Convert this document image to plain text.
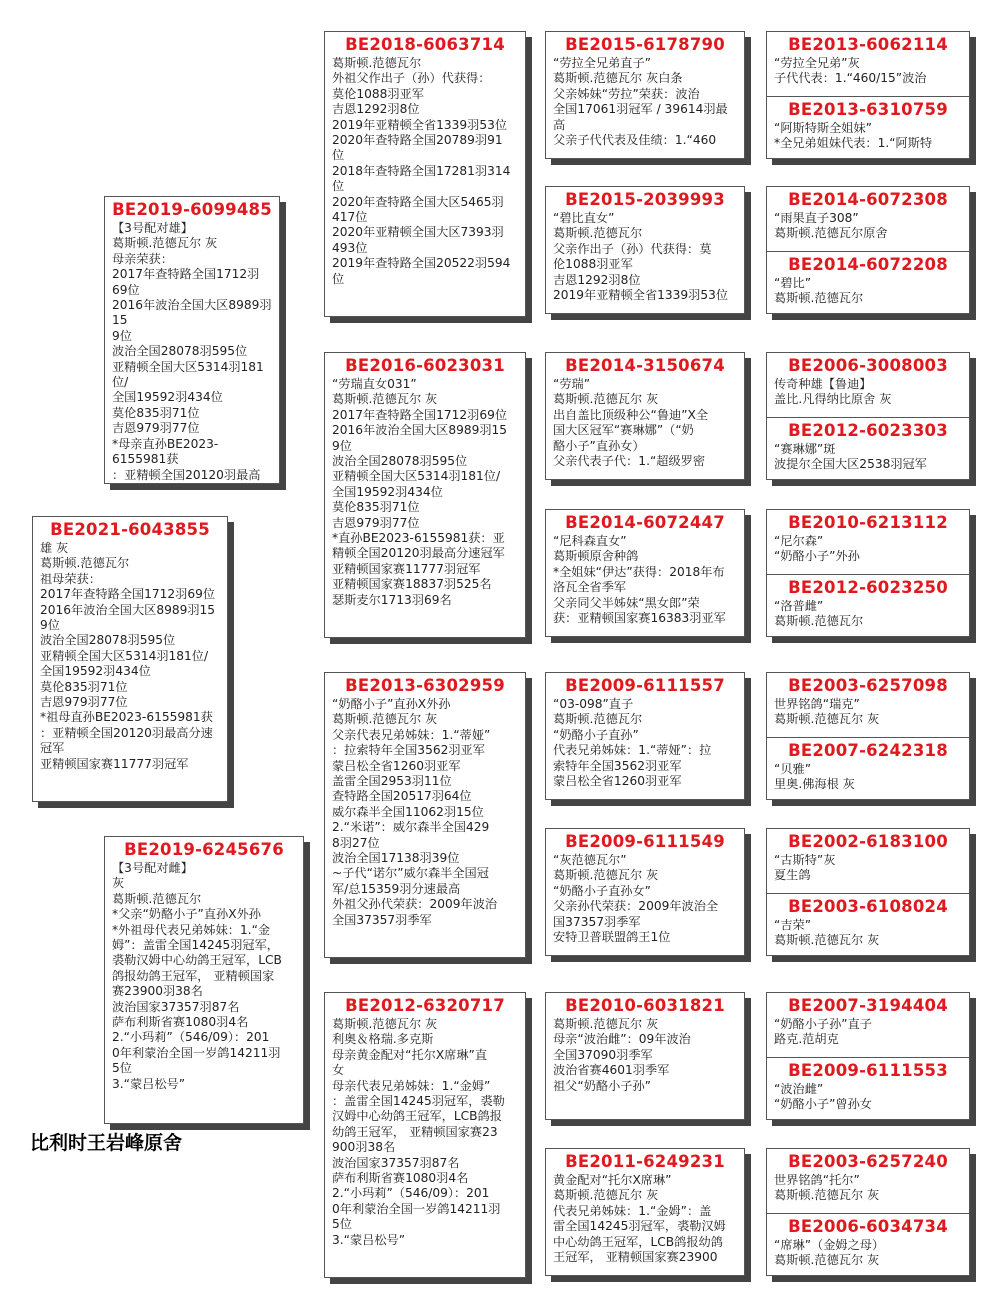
BE2021-6043855
雄 灰
葛斯顿.范德瓦尔
祖母荣获：
2017年查特路全国1712羽69位
2016年波治全国大区8989羽15
9位
波治全国28078羽595位
亚精顿全国大区5314羽181位/
全国19592羽434位
莫伦835羽71位
吉恩979羽77位
*祖母直孙BE2023-6155981获
：亚精顿全国20120羽最高分速
冠军
亚精顿国家赛11777羽冠军
BE2019-6099485
【3号配对雄】
葛斯顿.范德瓦尔 灰
母亲荣获：
2017年查特路全国1712羽69位
2016年波治全国大区8989羽15
9位
波治全国28078羽595位
亚精顿全国大区5314羽181位/
全国19592羽434位
莫伦835羽71位
吉恩979羽77位
*母亲直孙BE2023-6155981获
：亚精顿全国20120羽最高

BE2019-6245676
【3号配对雌】
灰
葛斯顿.范德瓦尔
*父亲“奶酪小子”直孙X外孙
*外祖母代表兄弟姊妹：1.“金
姆”：盖雷全国14245羽冠军，
裘勒汉姆中心幼鸽王冠军，LCB
鸽报幼鸽王冠军， 亚精顿国家
赛23900羽38名
波治国家37357羽87名
萨布利斯省赛1080羽4名
2.“小玛莉”（546/09）：201
0年利蒙治全国一岁鸽14211羽
5位
3.“蒙吕松号”
BE2018-6063714
葛斯顿.范德瓦尔
外祖父作出子（孙）代获得：
莫伦1088羽亚军
吉恩1292羽8位
2019年亚精顿全省1339羽53位
2020年查特路全国20789羽91
位
2018年查特路全国17281羽314
位
2020年查特路全国大区5465羽
417位
2020年亚精顿全国大区7393羽
493位
2019年查特路全国20522羽594
位
BE2016-6023031
“劳瑞直女031”
葛斯顿.范德瓦尔 灰
2017年查特路全国1712羽69位
2016年波治全国大区8989羽15
9位
波治全国28078羽595位
亚精顿全国大区5314羽181位/
全国19592羽434位
莫伦835羽71位
吉恩979羽77位
*直孙BE2023-6155981获：亚
精顿全国20120羽最高分速冠军
亚精顿国家赛11777羽冠军
亚精顿国家赛18837羽525名
瑟斯麦尔1713羽69名
BE2013-6302959
“奶酪小子”直孙X外孙
葛斯顿.范德瓦尔 灰
父亲代表兄弟姊妹：1.“蒂娅”
：拉索特年全国3562羽亚军
蒙吕松全省1260羽亚军
盖雷全国2953羽11位
查特路全国20517羽64位
威尔森半全国11062羽15位
2.“米诺”：威尔森半全国429
8羽27位
波治全国17138羽39位
~子代“诺尔”威尔森半全国冠
军/总15359羽分速最高
外祖父孙代荣获：2009年波治
全国37357羽季军
BE2012-6320717
葛斯顿.范德瓦尔 灰
利奥＆格瑞.多克斯
母亲黄金配对“托尔X席琳”直
女
母亲代表兄弟姊妹：1.“金姆”
：盖雷全国14245羽冠军，裘勒
汉姆中心幼鸽王冠军，LCB鸽报
幼鸽王冠军， 亚精顿国家赛23
900羽38名
波治国家37357羽87名
萨布利斯省赛1080羽4名
2.“小玛莉”（546/09）：201
0年利蒙治全国一岁鸽14211羽
5位
3.“蒙吕松号”
BE2015-6178790
“劳拉全兄弟直子”
葛斯顿.范德瓦尔 灰白条
父亲姊妹“劳拉”荣获：波治
全国17061羽冠军 / 39614羽最
高
父亲子代代表及佳绩：1.“460
BE2015-2039993
“碧比直女”
葛斯顿.范德瓦尔
父亲作出子（孙）代获得：莫
伦1088羽亚军
吉恩1292羽8位
2019年亚精顿全省1339羽53位
BE2014-3150674
“劳瑞”
葛斯顿.范德瓦尔 灰
出自盖比顶级种公“鲁迪”X全
国大区冠军“赛琳娜”（“奶
酪小子”直孙女）
父亲代表子代：1.“超级罗密
BE2014-6072447
“尼科森直女”
葛斯顿原舍种鸽
*全姐妹“伊达”获得：2018年布
洛瓦全省季军
父亲同父半姊妹“黑女郎”荣
获：亚精顿国家赛16383羽亚军
BE2009-6111557
“03-098”直子
葛斯顿.范德瓦尔
“奶酪小子直孙”
代表兄弟姊妹：1.“蒂娅”：拉
索特年全国3562羽亚军
蒙吕松全省1260羽亚军
BE2009-6111549
“灰范德瓦尔”
葛斯顿.范德瓦尔 灰
“奶酪小子直孙女”
父亲孙代荣获：2009年波治全
国37357羽季军
安特卫普联盟鸽王1位
BE2010-6031821
葛斯顿.范德瓦尔 灰
母亲“波治雌”：09年波治
全国37090羽季军
波治省赛4601羽季军
祖父“奶酪小子孙”
BE2011-6249231
黄金配对“托尔X席琳”
葛斯顿.范德瓦尔 灰
代表兄弟姊妹：1.“金姆”：盖
雷全国14245羽冠军，裘勒汉姆
中心幼鸽王冠军，LCB鸽报幼鸽
王冠军， 亚精顿国家赛23900
BE2013-6062114
“劳拉全兄弟”灰
子代代表：1.“460/15”波治
BE2013-6310759
“阿斯特斯全姐妹”
*全兄弟姐妹代表：1.“阿斯特
BE2014-6072308
“雨果直子308”
葛斯顿.范德瓦尔原舍
BE2014-6072208
“碧比”
葛斯顿.范德瓦尔
BE2006-3008003
传奇种雄【鲁迪】
盖比.凡得纳比原舍 灰
BE2012-6023303
“赛琳娜”斑
波提尔全国大区2538羽冠军
BE2010-6213112
“尼尔森”
“奶酪小子”外孙
BE2012-6023250
“洛普雌”
葛斯顿.范德瓦尔
BE2003-6257098
世界铭鸽“瑞克”
葛斯顿.范德瓦尔 灰
BE2007-6242318
“贝雅”
里奥.佛海根 灰
BE2002-6183100
“古斯特”灰
夏生鸽
BE2003-6108024
“吉荣”
葛斯顿.范德瓦尔 灰
BE2007-3194404
“奶酪小子孙”直子
路克.范胡克
BE2009-6111553
“波治雌”
“奶酪小子”曾孙女
BE2003-6257240
世界铭鸽“托尔”
葛斯顿.范德瓦尔 灰
BE2006-6034734
“席琳”（金姆之母）
葛斯顿.范德瓦尔 灰
比利时王岩峰原舍
